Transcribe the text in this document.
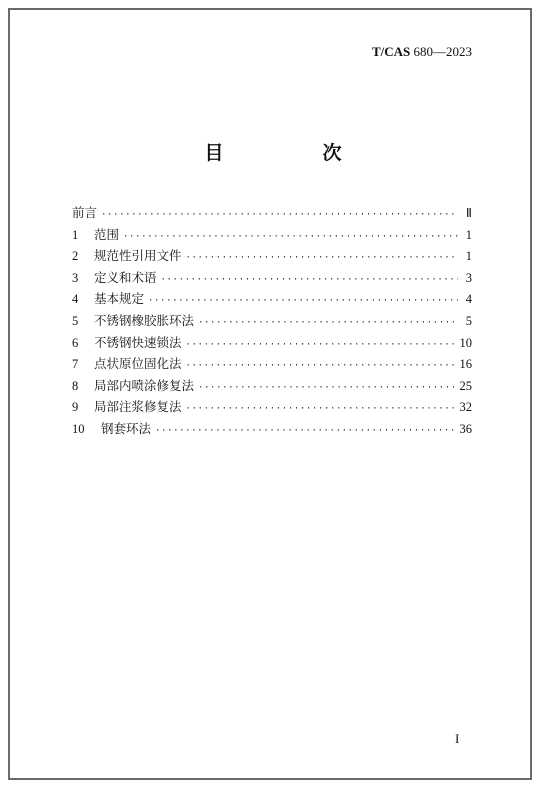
T/CAS 680—2023
目　次
前言 ·····	Ⅱ
1	范围 ·····	1
2	规范性引用文件 ·····	1
3	定义和术语 ·····	3
4	基本规定 ·····	4
5	不锈钢橡胶胀环法 ·····	5
6	不锈钢快速锁法 ·····	10
7	点状原位固化法 ·····	16
8	局部内喷涂修复法 ·····	25
9	局部注浆修复法 ·····	32
10	钢套环法 ·····	36
I
